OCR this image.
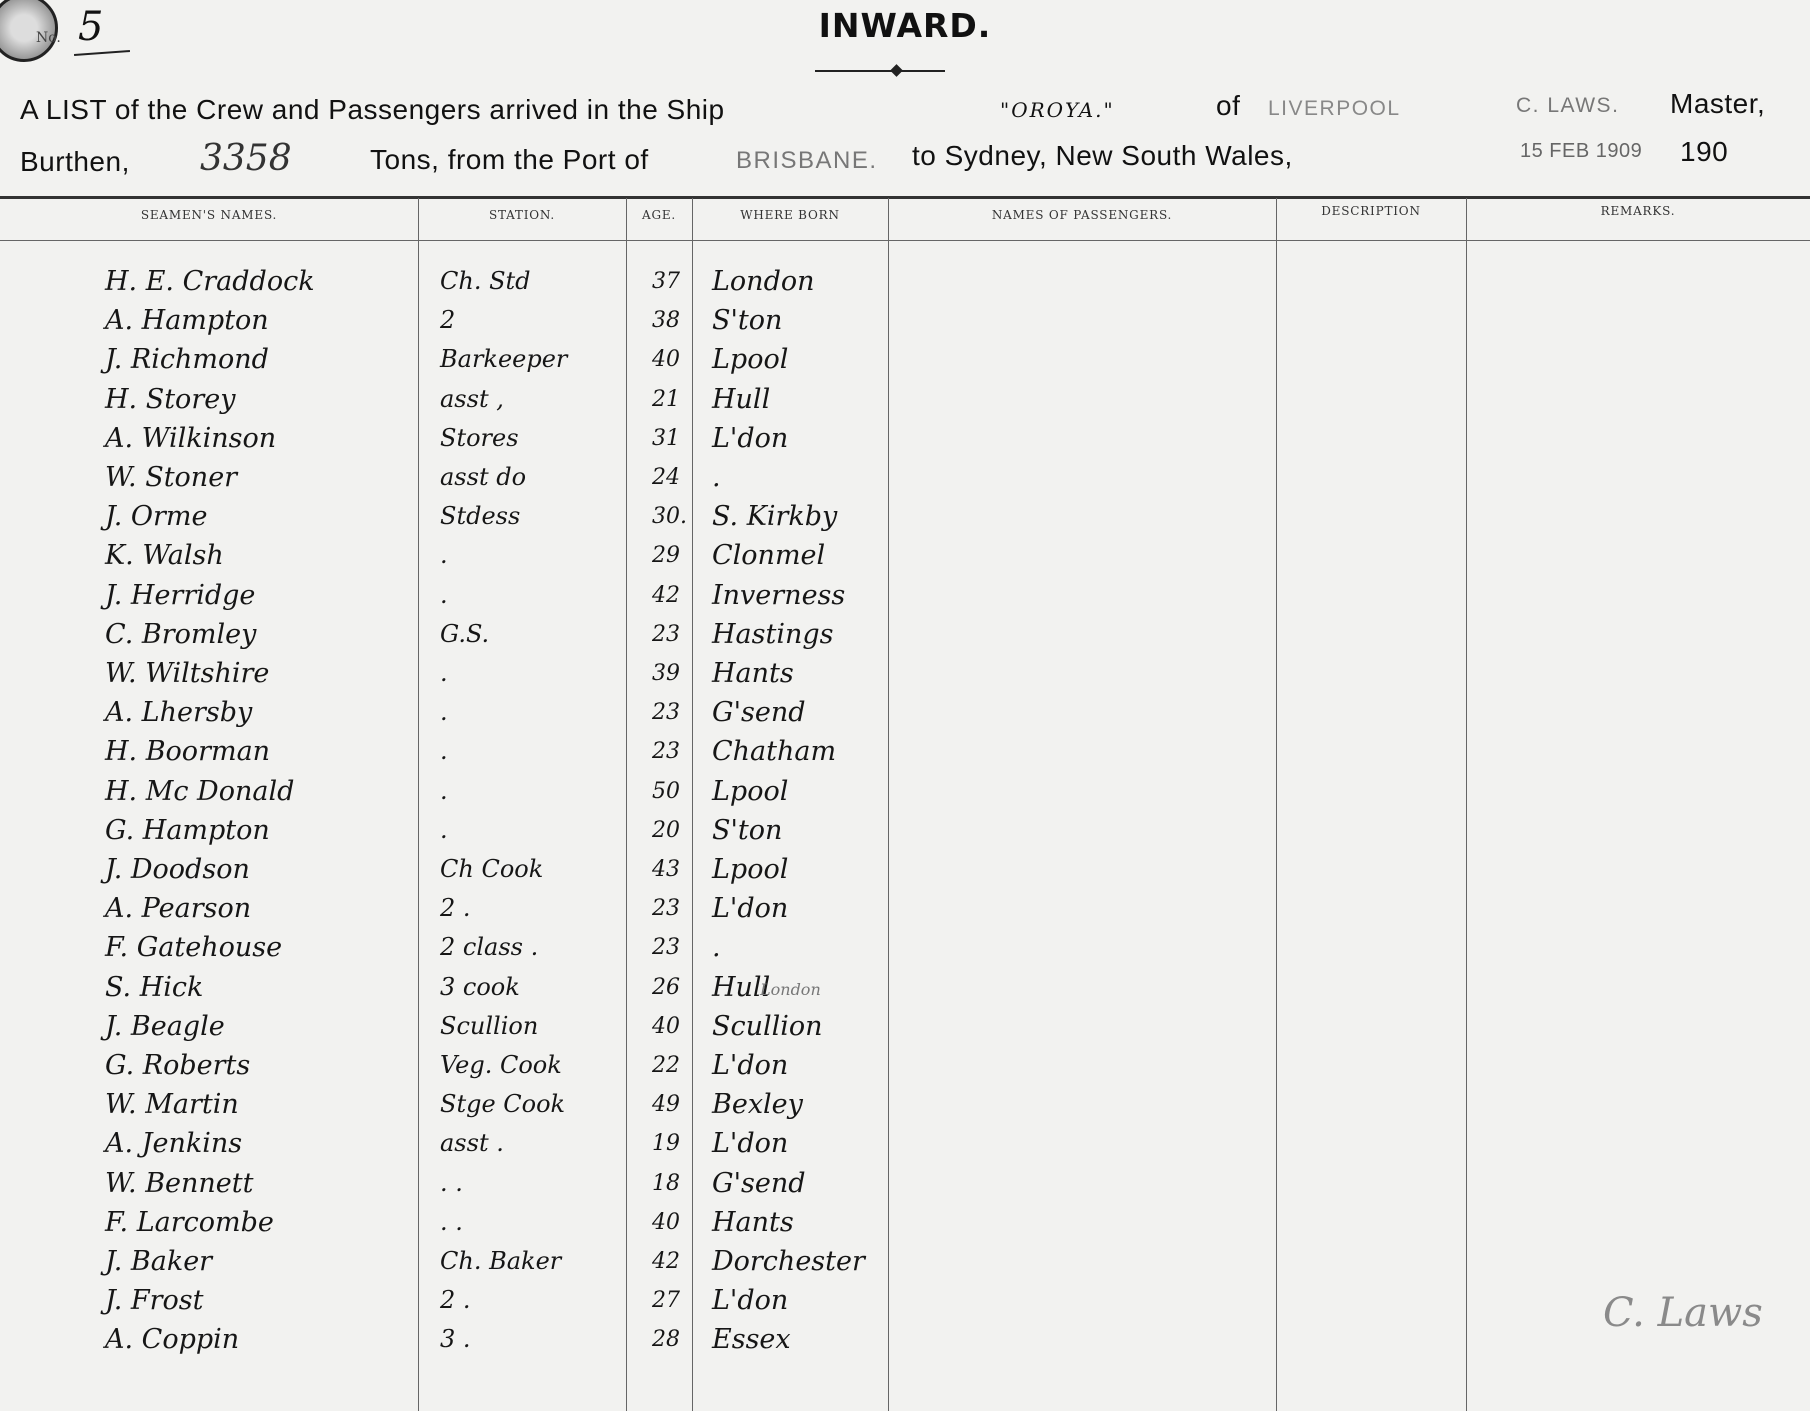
No. 5	INWARD.
A LIST of the Crew and Passengers arrived in the Ship	"OROYA."	of LIVERPOOL	C. LAWS. Master,
Burthen, 3358	Tons, from the Port of	BRISBANE. to Sydney, New South Wales,	15 FEB 1909 190
SEAMEN'S NAMES.	STATION.	AGE.	WHERE BORN	NAMES OF PASSENGERS.	DESCRIPTION	REMARKS.
H. E. Craddock	Ch. Std	37 London
A. Hampton	2	38 S'ton
J. Richmond	Barkeeper	40 Lpool
H. Storey	asst ,	21 Hull
A. Wilkinson	Stores	31 L'don
W. Stoner	asst do	24 .
J. Orme	Stdess	30. S. Kirkby
K. Walsh	.	29 Clonmel
J. Herridge	.	42 Inverness
C. Bromley	G.S.	23 Hastings
W. Wiltshire	.	39 Hants
A. Lhersby	.	23 G'send
H. Boorman	.	23 Chatham
H. Mc Donald	.	50 Lpool
G. Hampton	.	20 S'ton
J. Doodson	Ch Cook	43 Lpool
A. Pearson	2 .	23 L'don
F. Gatehouse	2 class .	23 .
S. Hick	3 cook	26 Hull
J. Beagle	Scullion	40 Scullion
G. Roberts	Veg. Cook	22 L'don
W. Martin	Stge Cook	49 Bexley
A. Jenkins	asst .	19 L'don
W. Bennett	. .	18 G'send
F. Larcombe	. .	40 Hants
J. Baker	Ch. Baker	42 Dorchester
J. Frost	2 .	27 L'don
A. Coppin	3 .	28 Essex
London
C. Laws
